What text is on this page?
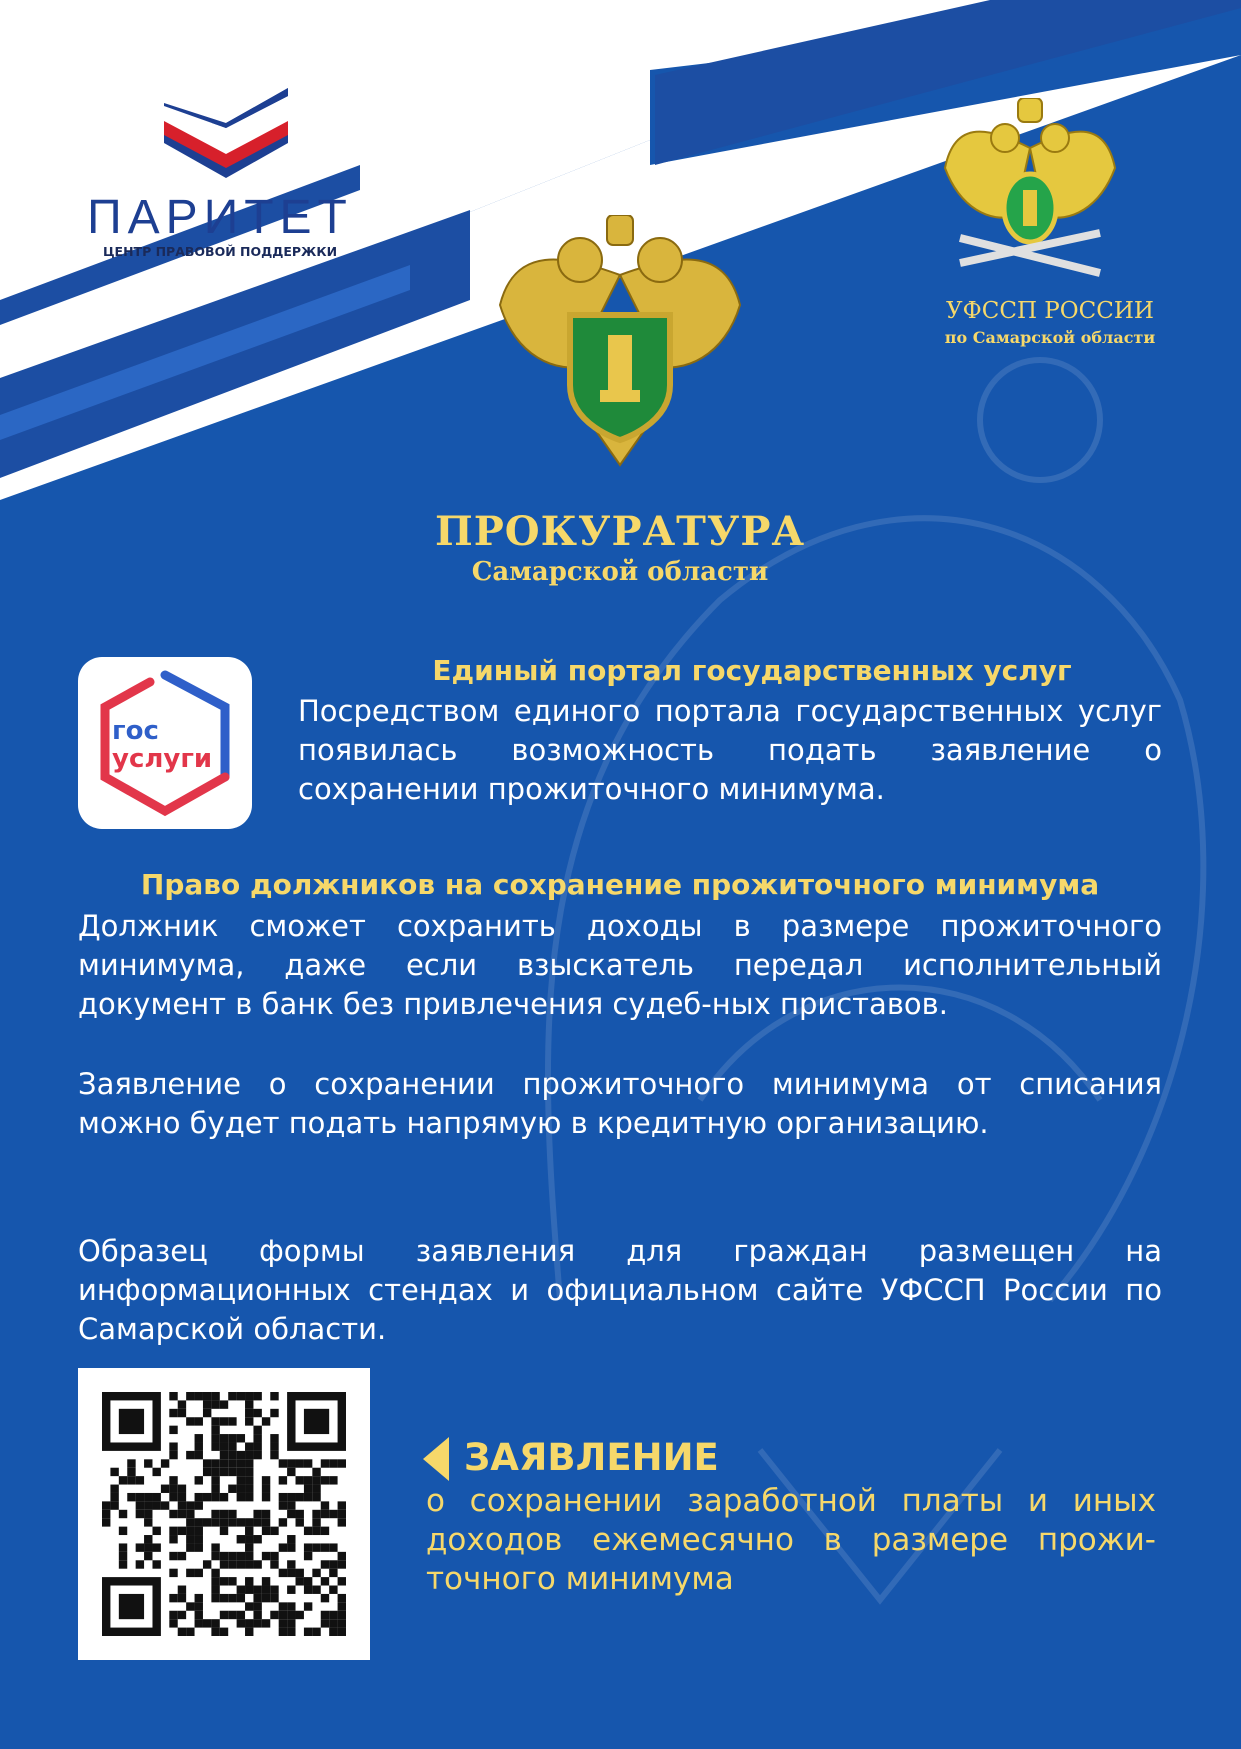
ПАРИТЕТ
ЦЕНТР ПРАВОВОЙ ПОДДЕРЖКИ
ПРОКУРАТУРА
Самарской области
УФССП РОССИИ
по Самарской области
гос
услуги
Единый портал государственных услуг

Посредством единого портала государственных услуг появилась возможность подать заявление о сохранении прожиточного минимума.

Право должников на сохранение прожиточного минимума

Должник сможет сохранить доходы в размере прожиточного минимума, даже если взыскатель передал исполнительный документ в банк без привлечения судеб-ных приставов.

Заявление о сохранении прожиточного минимума от списания можно будет подать напрямую в кредитную организацию.

Образец формы заявления для граждан размещен на информационных стендах и официальном сайте УФССП России по Самарской области.

ЗАЯВЛЕНИЕ

о сохранении заработной платы и иных доходов ежемесячно в размере прожи-точного минимума
